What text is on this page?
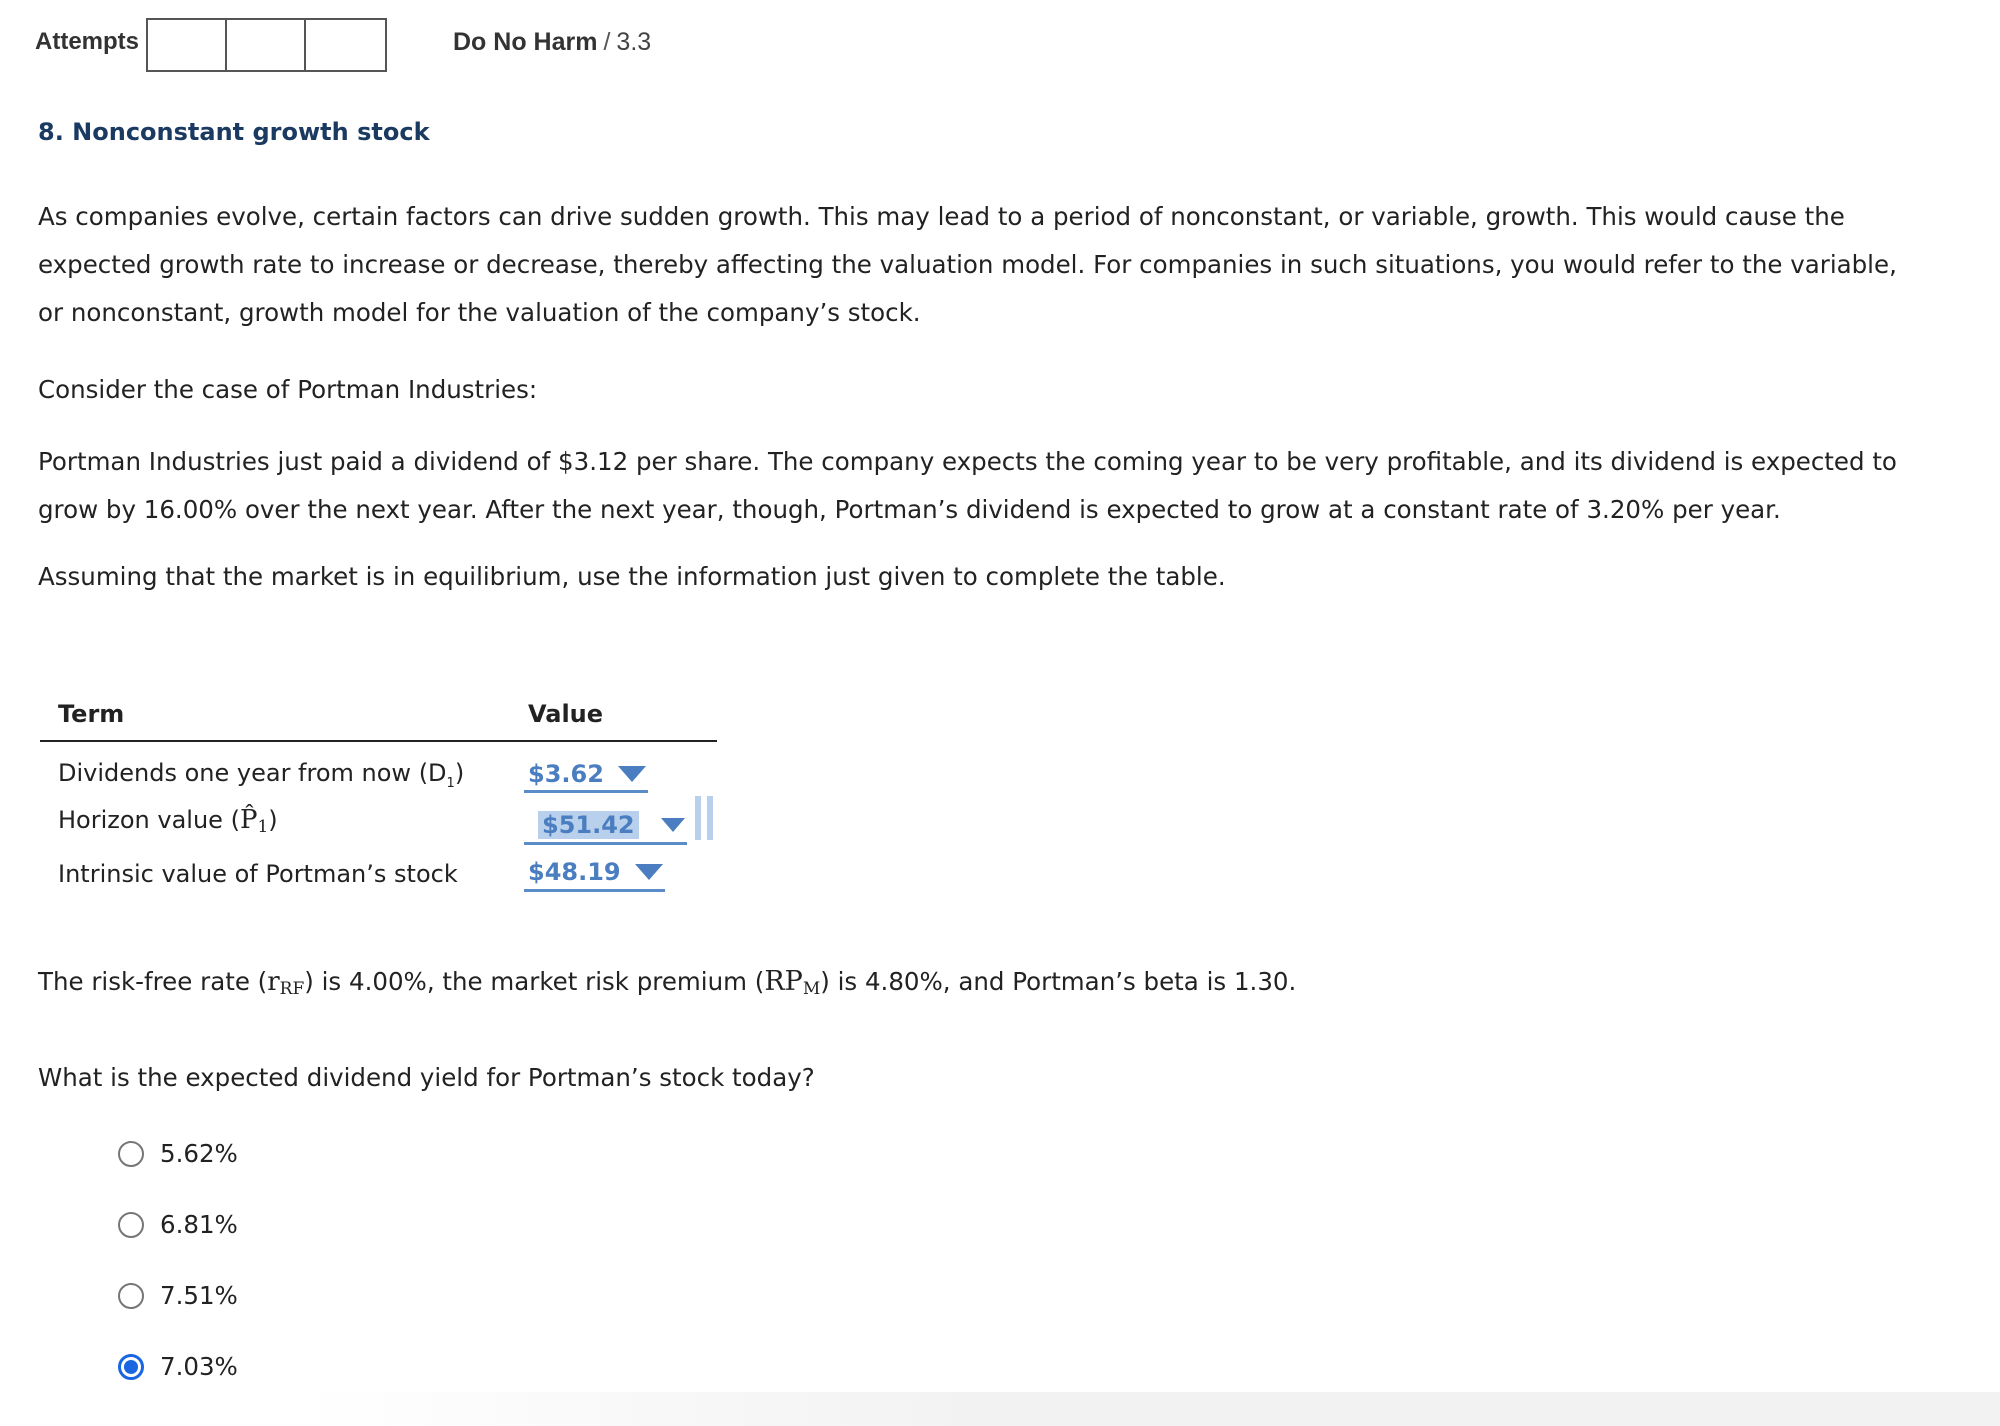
Attempts	Do No Harm / 3.3
8. Nonconstant growth stock
As companies evolve, certain factors can drive sudden growth. This may lead to a period of nonconstant, or variable, growth. This would cause the expected growth rate to increase or decrease, thereby affecting the valuation model. For companies in such situations, you would refer to the variable, or nonconstant, growth model for the valuation of the company’s stock.
Consider the case of Portman Industries:
Portman Industries just paid a dividend of $3.12 per share. The company expects the coming year to be very profitable, and its dividend is expected to grow by 16.00% over the next year. After the next year, though, Portman’s dividend is expected to grow at a constant rate of 3.20% per year.
Assuming that the market is in equilibrium, use the information just given to complete the table.
Term	Value
Dividends one year from now $(D_1)$	$3.62

Horizon value (P̂1)	$51.42

Intrinsic value of Portman’s stock	$48.19
The risk-free rate (rRF) is 4.00%, the market risk premium (RPM) is 4.80%, and Portman’s beta is 1.30.
What is the expected dividend yield for Portman’s stock today?
5.62%
6.81%
7.51%
7.03%
